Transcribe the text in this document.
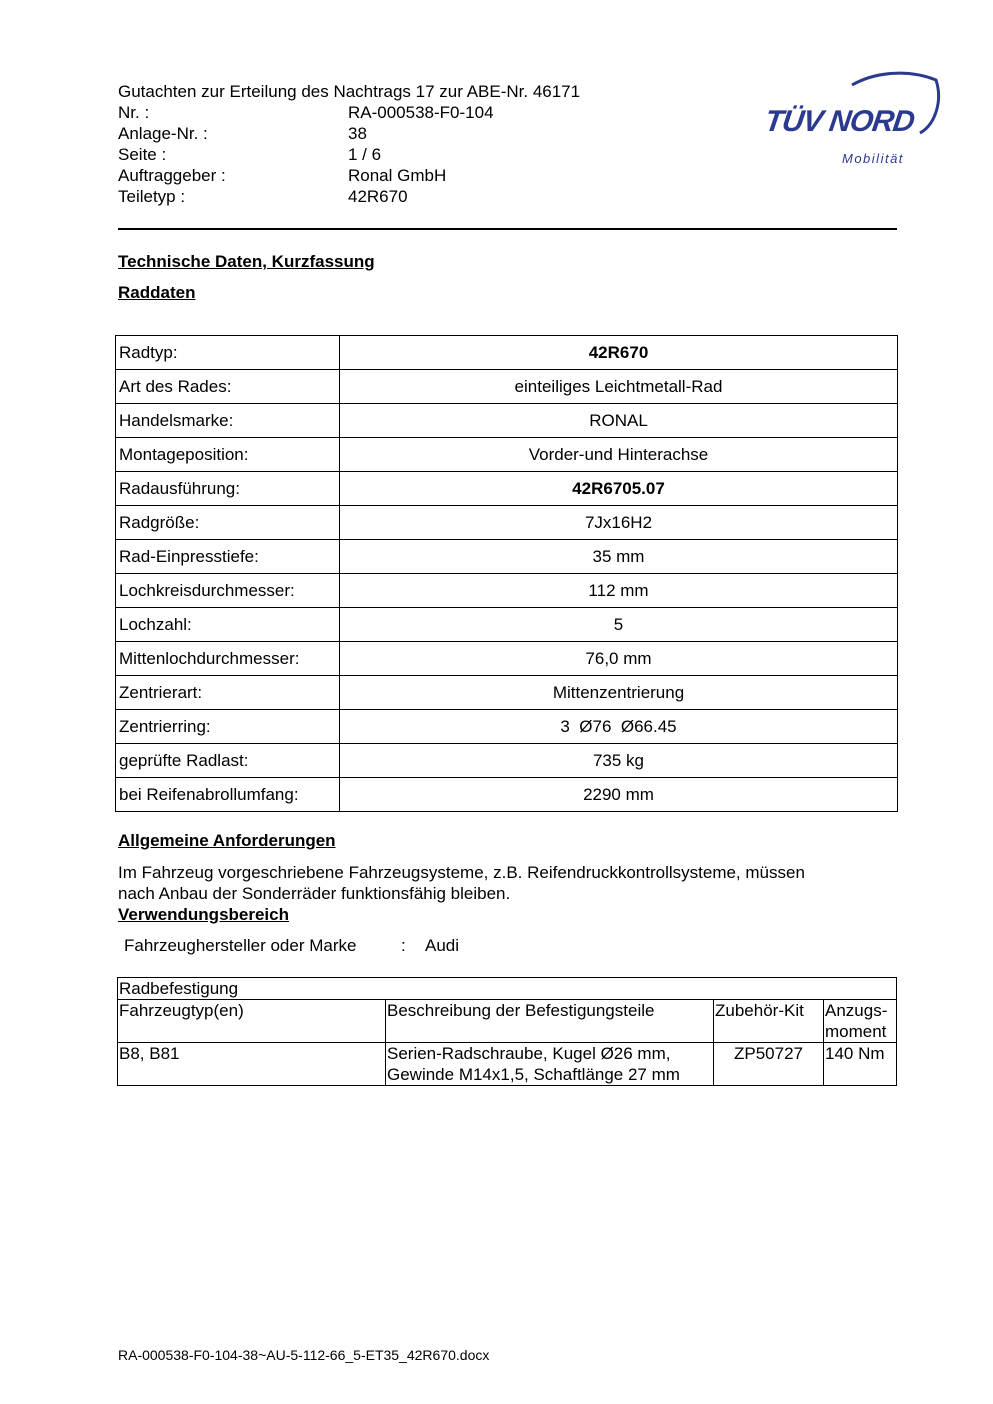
Gutachten zur Erteilung des Nachtrags 17 zur ABE-Nr. 46171
Nr. :	RA-000538-F0-104
Anlage-Nr. :	38
Seite :	1 / 6
Auftraggeber :	Ronal GmbH
Teiletyp :	42R670
TÜV NORD
Mobilität
Technische Daten, Kurzfassung
Raddaten
Radtyp:	42R670
Art des Rades:	einteiliges Leichtmetall-Rad
Handelsmarke:	RONAL
Montageposition:	Vorder-und Hinterachse
Radausführung:	42R6705.07
Radgröße:	7Jx16H2
Rad-Einpresstiefe:	35 mm
Lochkreisdurchmesser:	112 mm
Lochzahl:	5
Mittenlochdurchmesser:	76,0 mm
Zentrierart:	Mittenzentrierung
Zentrierring:	3  Ø76  Ø66.45
geprüfte Radlast:	735 kg
bei Reifenabrollumfang:	2290 mm
Allgemeine Anforderungen
Im Fahrzeug vorgeschriebene Fahrzeugsysteme, z.B. Reifendruckkontrollsysteme, müssen
nach Anbau der Sonderräder funktionsfähig bleiben.
Verwendungsbereich
Fahrzeughersteller oder Marke	: Audi
Radbefestigung			
Fahrzeugtyp(en)	Beschreibung der Befestigungsteile	Zubehör-Kit	Anzugs-
moment

B8, B81	Serien-Radschraube, Kugel Ø26 mm,
Gewinde M14x1,5, Schaftlänge 27 mm	ZP50727	140 Nm
RA-000538-F0-104-38~AU-5-112-66_5-ET35_42R670.docx
